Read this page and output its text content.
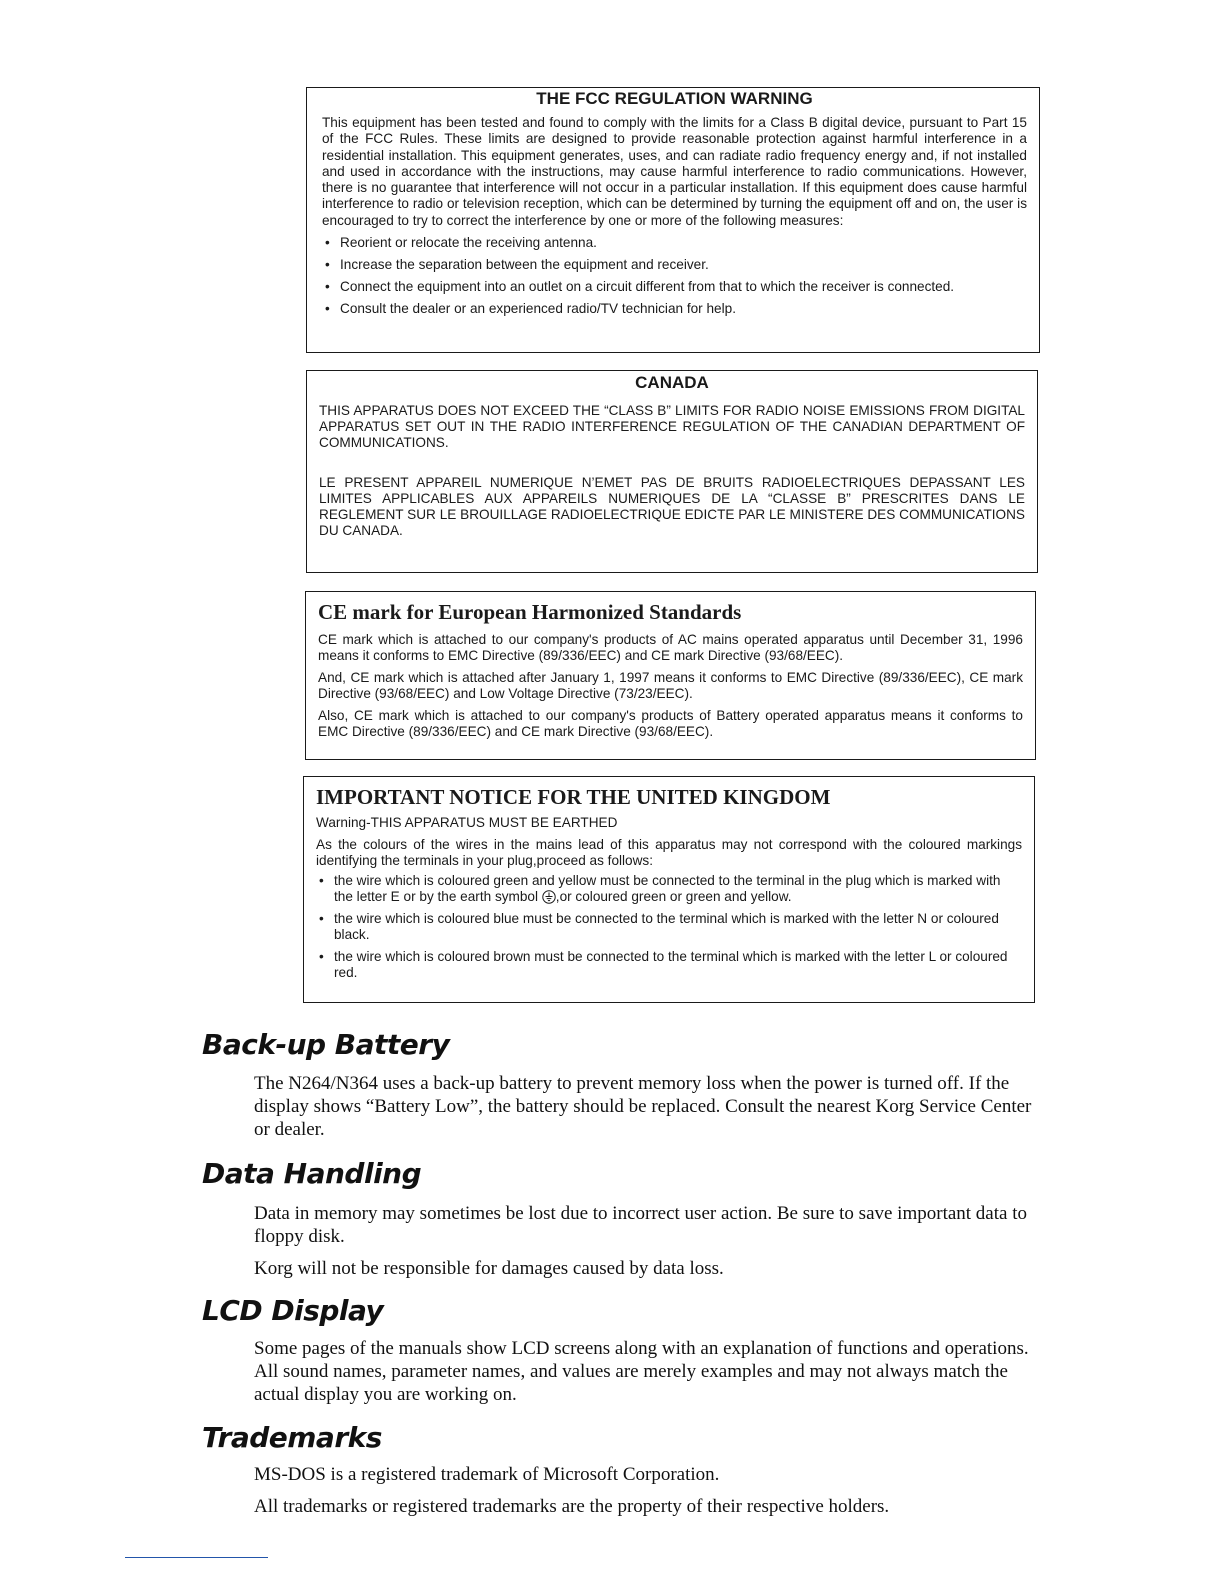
THE FCC REGULATION WARNING

This equipment has been tested and found to comply with the limits for a Class B digital device, pursuant to Part 15 of the FCC Rules. These limits are designed to provide reasonable protection against harmful interference in a residential installation. This equipment generates, uses, and can radiate radio frequency energy and, if not installed and used in accordance with the instructions, may cause harmful interference to radio communications. However, there is no guarantee that interference will not occur in a particular installation. If this equipment does cause harmful interference to radio or television reception, which can be determined by turning the equipment off and on, the user is encouraged to try to correct the interference by one or more of the following measures:

• Reorient or relocate the receiving antenna.
• Increase the separation between the equipment and receiver.
• Connect the equipment into an outlet on a circuit different from that to which the receiver is connected.
• Consult the dealer or an experienced radio/TV technician for help.
CANADA

THIS APPARATUS DOES NOT EXCEED THE “CLASS B” LIMITS FOR RADIO NOISE EMISSIONS FROM DIGITAL APPARATUS SET OUT IN THE RADIO INTERFERENCE REGULATION OF THE CANADIAN DEPARTMENT OF COMMUNICATIONS.

LE PRESENT APPAREIL NUMERIQUE N’EMET PAS DE BRUITS RADIOELECTRIQUES DEPASSANT LES LIMITES APPLICABLES AUX APPAREILS NUMERIQUES DE LA “CLASSE B” PRESCRITES DANS LE REGLEMENT SUR LE BROUILLAGE RADIOELECTRIQUE EDICTE PAR LE MINISTERE DES COMMUNICATIONS DU CANADA.

CE mark for European Harmonized Standards

CE mark which is attached to our company's products of AC mains operated apparatus until December 31, 1996 means it conforms to EMC Directive (89/336/EEC) and CE mark Directive (93/68/EEC).

And, CE mark which is attached after January 1, 1997 means it conforms to EMC Directive (89/336/EEC), CE mark Directive (93/68/EEC) and Low Voltage Directive (73/23/EEC).

Also, CE mark which is attached to our company's products of Battery operated apparatus means it conforms to EMC Directive (89/336/EEC) and CE mark Directive (93/68/EEC).

IMPORTANT NOTICE FOR THE UNITED KINGDOM

Warning-THIS APPARATUS MUST BE EARTHED

As the colours of the wires in the mains lead of this apparatus may not correspond with the coloured markings identifying the terminals in your plug,proceed as follows:

• the wire which is coloured green and yellow must be connected to the terminal in the plug which is marked with the letter E or by the earth symbol ,or coloured green or green and yellow.
• the wire which is coloured blue must be connected to the terminal which is marked with the letter N or coloured black.
• the wire which is coloured brown must be connected to the terminal which is marked with the letter L or coloured red.
Back-up Battery

The N264/N364 uses a back-up battery to prevent memory loss when the power is turned off. If the display shows “Battery Low”, the battery should be replaced. Consult the nearest Korg Service Center or dealer.

Data Handling

Data in memory may sometimes be lost due to incorrect user action. Be sure to save important data to floppy disk.

Korg will not be responsible for damages caused by data loss.

LCD Display

Some pages of the manuals show LCD screens along with an explanation of functions and operations. All sound names, parameter names, and values are merely examples and may not always match the actual display you are working on.

Trademarks

MS-DOS is a registered trademark of Microsoft Corporation.

All trademarks or registered trademarks are the property of their respective holders.
